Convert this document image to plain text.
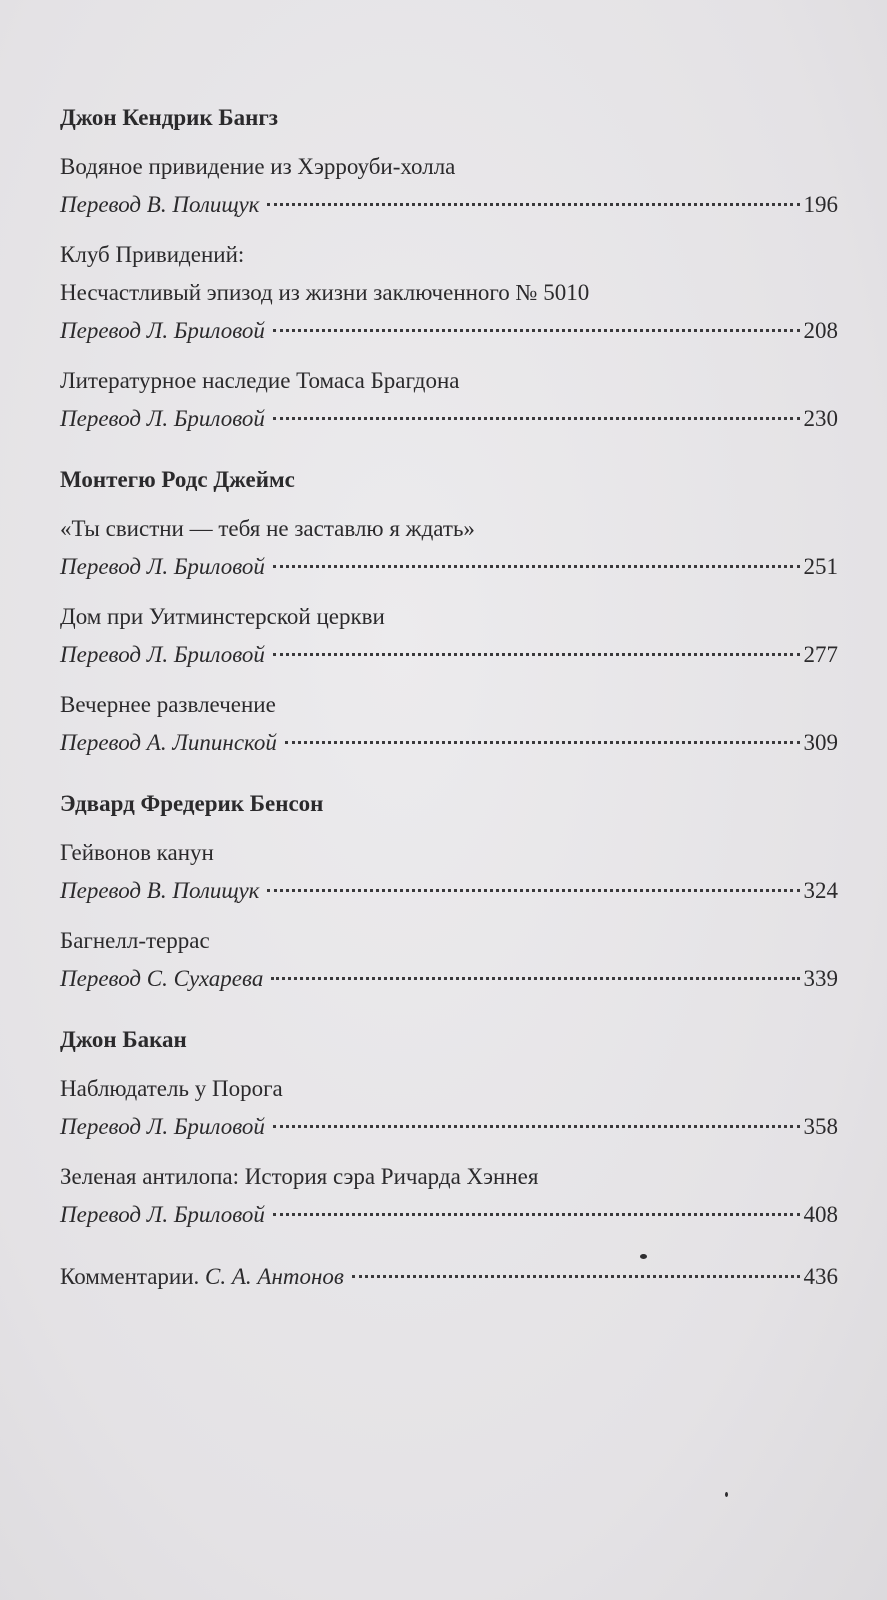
Джон Кендрик Бангз
Водяное привидение из Хэрроуби-холла
Перевод В. Полищук	196
Клуб Привидений:
Несчастливый эпизод из жизни заключенного № 5010
Перевод Л. Бриловой	208
Литературное наследие Томаса Брагдона
Перевод Л. Бриловой	230
Монтегю Родс Джеймс
«Ты свистни — тебя не заставлю я ждать»
Перевод Л. Бриловой	251
Дом при Уитминстерской церкви
Перевод Л. Бриловой	277
Вечернее развлечение
Перевод А. Липинской	309
Эдвард Фредерик Бенсон
Гейвонов канун
Перевод В. Полищук	324
Багнелл-террас
Перевод С. Сухарева	339
Джон Бакан
Наблюдатель у Порога
Перевод Л. Бриловой	358
Зеленая антилопа: История сэра Ричарда Хэннея
Перевод Л. Бриловой	408
Комментарии. С. А. Антонов	436
